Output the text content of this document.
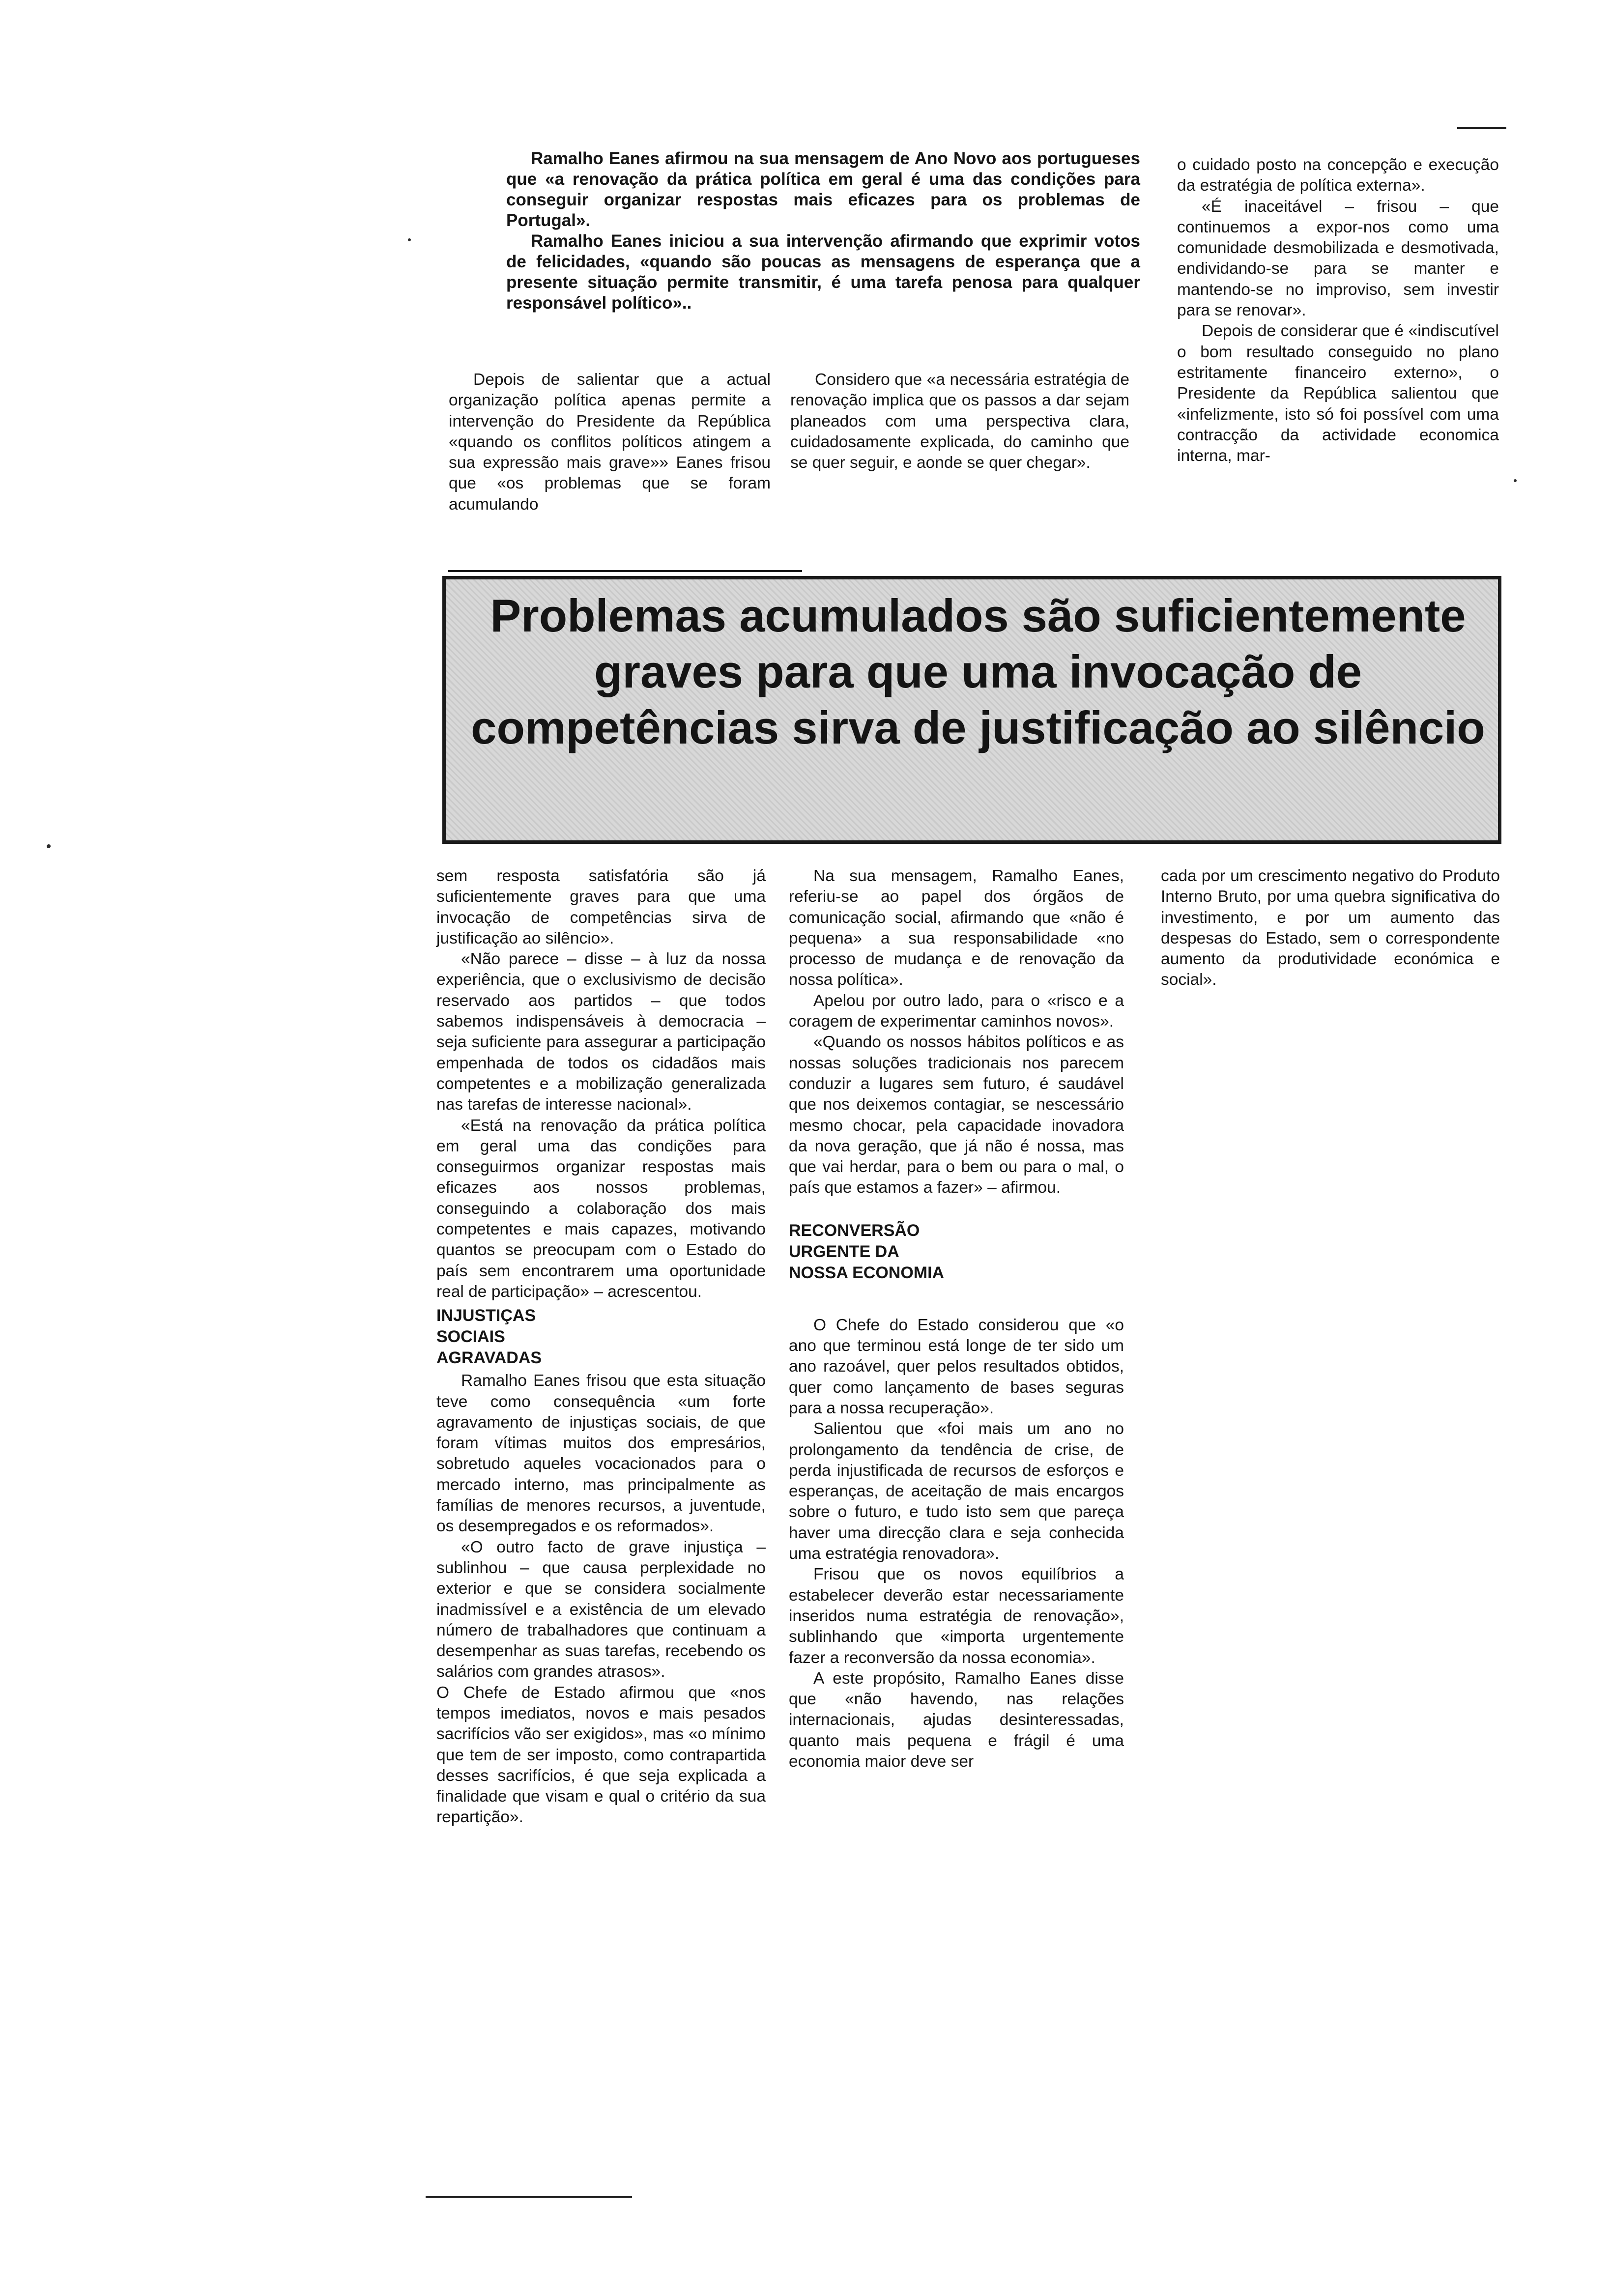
Ramalho Eanes afirmou na sua mensagem de Ano Novo aos portugueses que «a renovação da prática política em geral é uma das condições para conseguir organizar respostas mais eficazes para os problemas de Portugal».

Ramalho Eanes iniciou a sua intervenção afirmando que exprimir votos de felicidades, «quando são poucas as mensagens de esperança que a presente situação permite transmitir, é uma tarefa penosa para qualquer responsável político»..

Depois de salientar que a actual organização política apenas permite a intervenção do Presidente da República «quando os conflitos políticos atingem a sua expressão mais grave»» Eanes frisou que «os problemas que se foram acumulando

Considero que «a necessária estratégia de renovação implica que os passos a dar sejam planeados com uma perspectiva clara, cuidadosamente explicada, do caminho que se quer seguir, e aonde se quer chegar».

o cuidado posto na concepção e execução da estratégia de política externa».

«É inaceitável – frisou – que continuemos a expor-nos como uma comunidade desmobilizada e desmotivada, endividando-se para se manter e mantendo-se no improviso, sem investir para se renovar».

Depois de considerar que é «indiscutível o bom resultado conseguido no plano estritamente financeiro externo», o Presidente da República salientou que «infelizmente, isto só foi possível com uma contracção da actividade economica interna, mar-

Problemas acumulados são suficientemente graves para que uma invocação de competências sirva de justificação ao silêncio

sem resposta satisfatória são já suficientemente graves para que uma invocação de competências sirva de justificação ao silêncio».

«Não parece – disse – à luz da nossa experiência, que o exclusivismo de decisão reservado aos partidos – que todos sabemos indispensáveis à democracia – seja suficiente para assegurar a participação empenhada de todos os cidadãos mais competentes e a mobilização generalizada nas tarefas de interesse nacional».

«Está na renovação da prática política em geral uma das condições para conseguirmos organizar respostas mais eficazes aos nossos problemas, conseguindo a colaboração dos mais competentes e mais capazes, motivando quantos se preocupam com o Estado do país sem encontrarem uma oportunidade real de participação» – acrescentou.

INJUSTIÇAS SOCIAIS AGRAVADAS

Ramalho Eanes frisou que esta situação teve como consequência «um forte agravamento de injustiças sociais, de que foram vítimas muitos dos empresários, sobretudo aqueles vocacionados para o mercado interno, mas principalmente as famílias de menores recursos, a juventude, os desempregados e os reformados».

«O outro facto de grave injustiça – sublinhou – que causa perplexidade no exterior e que se considera socialmente inadmissível e a existência de um elevado número de trabalhadores que continuam a desempenhar as suas tarefas, recebendo os salários com grandes atrasos».

O Chefe de Estado afirmou que «nos tempos imediatos, novos e mais pesados sacrifícios vão ser exigidos», mas «o mínimo que tem de ser imposto, como contrapartida desses sacrifícios, é que seja explicada a finalidade que visam e qual o critério da sua repartição».

Na sua mensagem, Ramalho Eanes, referiu-se ao papel dos órgãos de comunicação social, afirmando que «não é pequena» a sua responsabilidade «no processo de mudança e de renovação da nossa política».

Apelou por outro lado, para o «risco e a coragem de experimentar caminhos novos».

«Quando os nossos hábitos políticos e as nossas soluções tradicionais nos parecem conduzir a lugares sem futuro, é saudável que nos deixemos contagiar, se nescessário mesmo chocar, pela capacidade inovadora da nova geração, que já não é nossa, mas que vai herdar, para o bem ou para o mal, o país que estamos a fazer» – afirmou.

RECONVERSÃO URGENTE DA NOSSA ECONOMIA

O Chefe do Estado considerou que «o ano que terminou está longe de ter sido um ano razoável, quer pelos resultados obtidos, quer como lançamento de bases seguras para a nossa recuperação».

Salientou que «foi mais um ano no prolongamento da tendência de crise, de perda injustificada de recursos de esforços e esperanças, de aceitação de mais encargos sobre o futuro, e tudo isto sem que pareça haver uma direcção clara e seja conhecida uma estratégia renovadora».

Frisou que os novos equilíbrios a estabelecer deverão estar necessariamente inseridos numa estratégia de renovação», sublinhando que «importa urgentemente fazer a reconversão da nossa economia».

A este propósito, Ramalho Eanes disse que «não havendo, nas relações internacionais, ajudas desinteressadas, quanto mais pequena e frágil é uma economia maior deve ser

cada por um crescimento negativo do Produto Interno Bruto, por uma quebra significativa do investimento, e por um aumento das despesas do Estado, sem o correspondente aumento da produtividade económica e social».
